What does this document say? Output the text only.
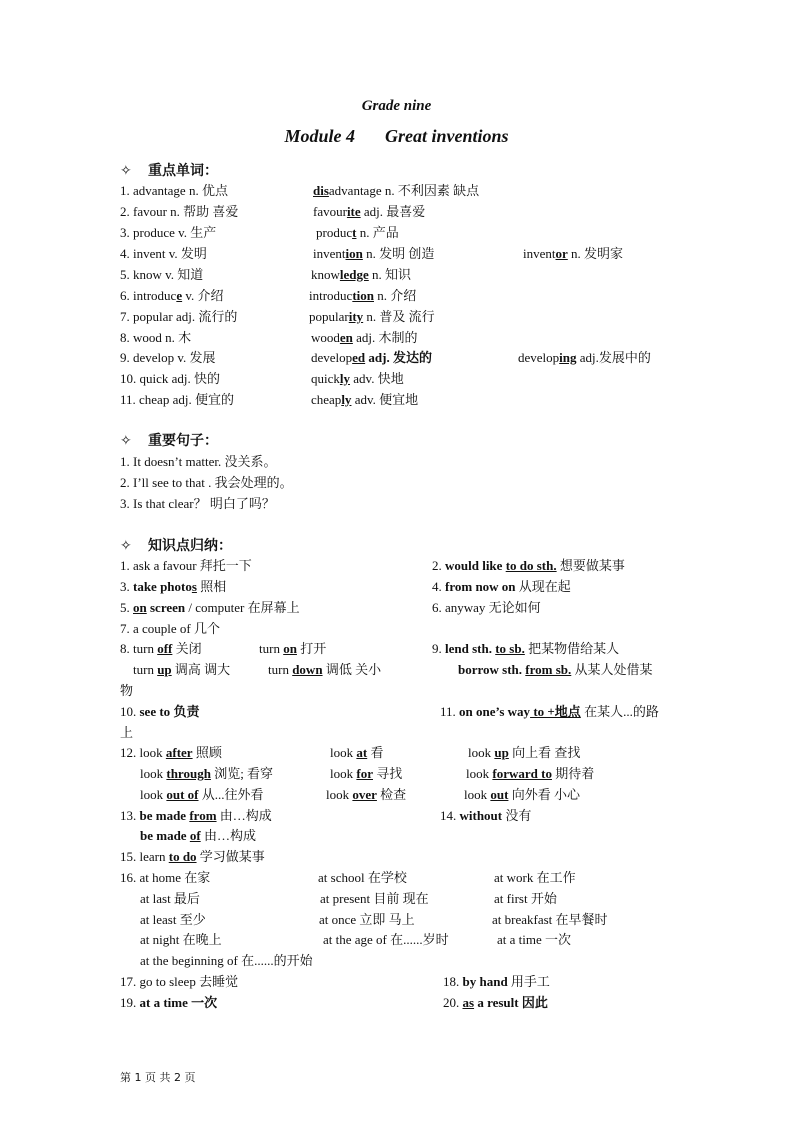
Grade nine
Module 4 Great inventions
✧ 重点单词：
1. advantage n. 优点	disadvantage n. 不利因素 缺点
2. favour n. 帮助 喜爱	favourite adj. 最喜爱
3. produce v. 生产	product n. 产品
4. invent v. 发明	invention n. 发明 创造	inventor n. 发明家
5. know v. 知道	knowledge n. 知识
6. introduce v. 介绍	introduction n. 介绍
7. popular adj. 流行的	popularity n. 普及 流行
8. wood n. 木	wooden adj. 木制的
9. develop v. 发展	developed adj. 发达的	developing adj.发展中的
10. quick adj. 快的	quickly adv. 快地
11. cheap adj. 便宜的	cheaply adv. 便宜地
✧ 重要句子：
1. It doesn’t matter. 没关系。
2. I’ll see to that . 我会处理的。
3. Is that clear？ 明白了吗？
✧ 知识点归纳：
1. ask a favour 拜托一下	2. would like to do sth. 想要做某事
3. take photos 照相	4. from now on 从现在起
5. on screen / computer 在屏幕上	6. anyway 无论如何
7. a couple of 几个
8. turn off 关闭	turn on 打开	9. lend sth. to sb. 把某物借给某人
turn up 调高 调大	turn down 调低 关小	borrow sth. from sb. 从某人处借某
物
10. see to 负责	11. on one’s way to +地点 在某人...的路
上
12. look after 照顾	look at 看	look up 向上看 查找
look through 浏览; 看穿	look for 寻找	look forward to 期待着
look out of 从...往外看	look over 检查	look out 向外看 小心
13. be made from 由…构成	14. without 没有
be made of 由…构成
15. learn to do 学习做某事
16. at home 在家	at school 在学校	at work 在工作
at last 最后	at present 目前 现在	at first 开始
at least 至少	at once 立即 马上	at breakfast 在早餐时
at night 在晚上	at the age of 在......岁时	at a time 一次
at the beginning of 在......的开始
17. go to sleep 去睡觉	18. by hand 用手工
19. at a time 一次	20. as a result 因此
第 1 页 共 2 页
